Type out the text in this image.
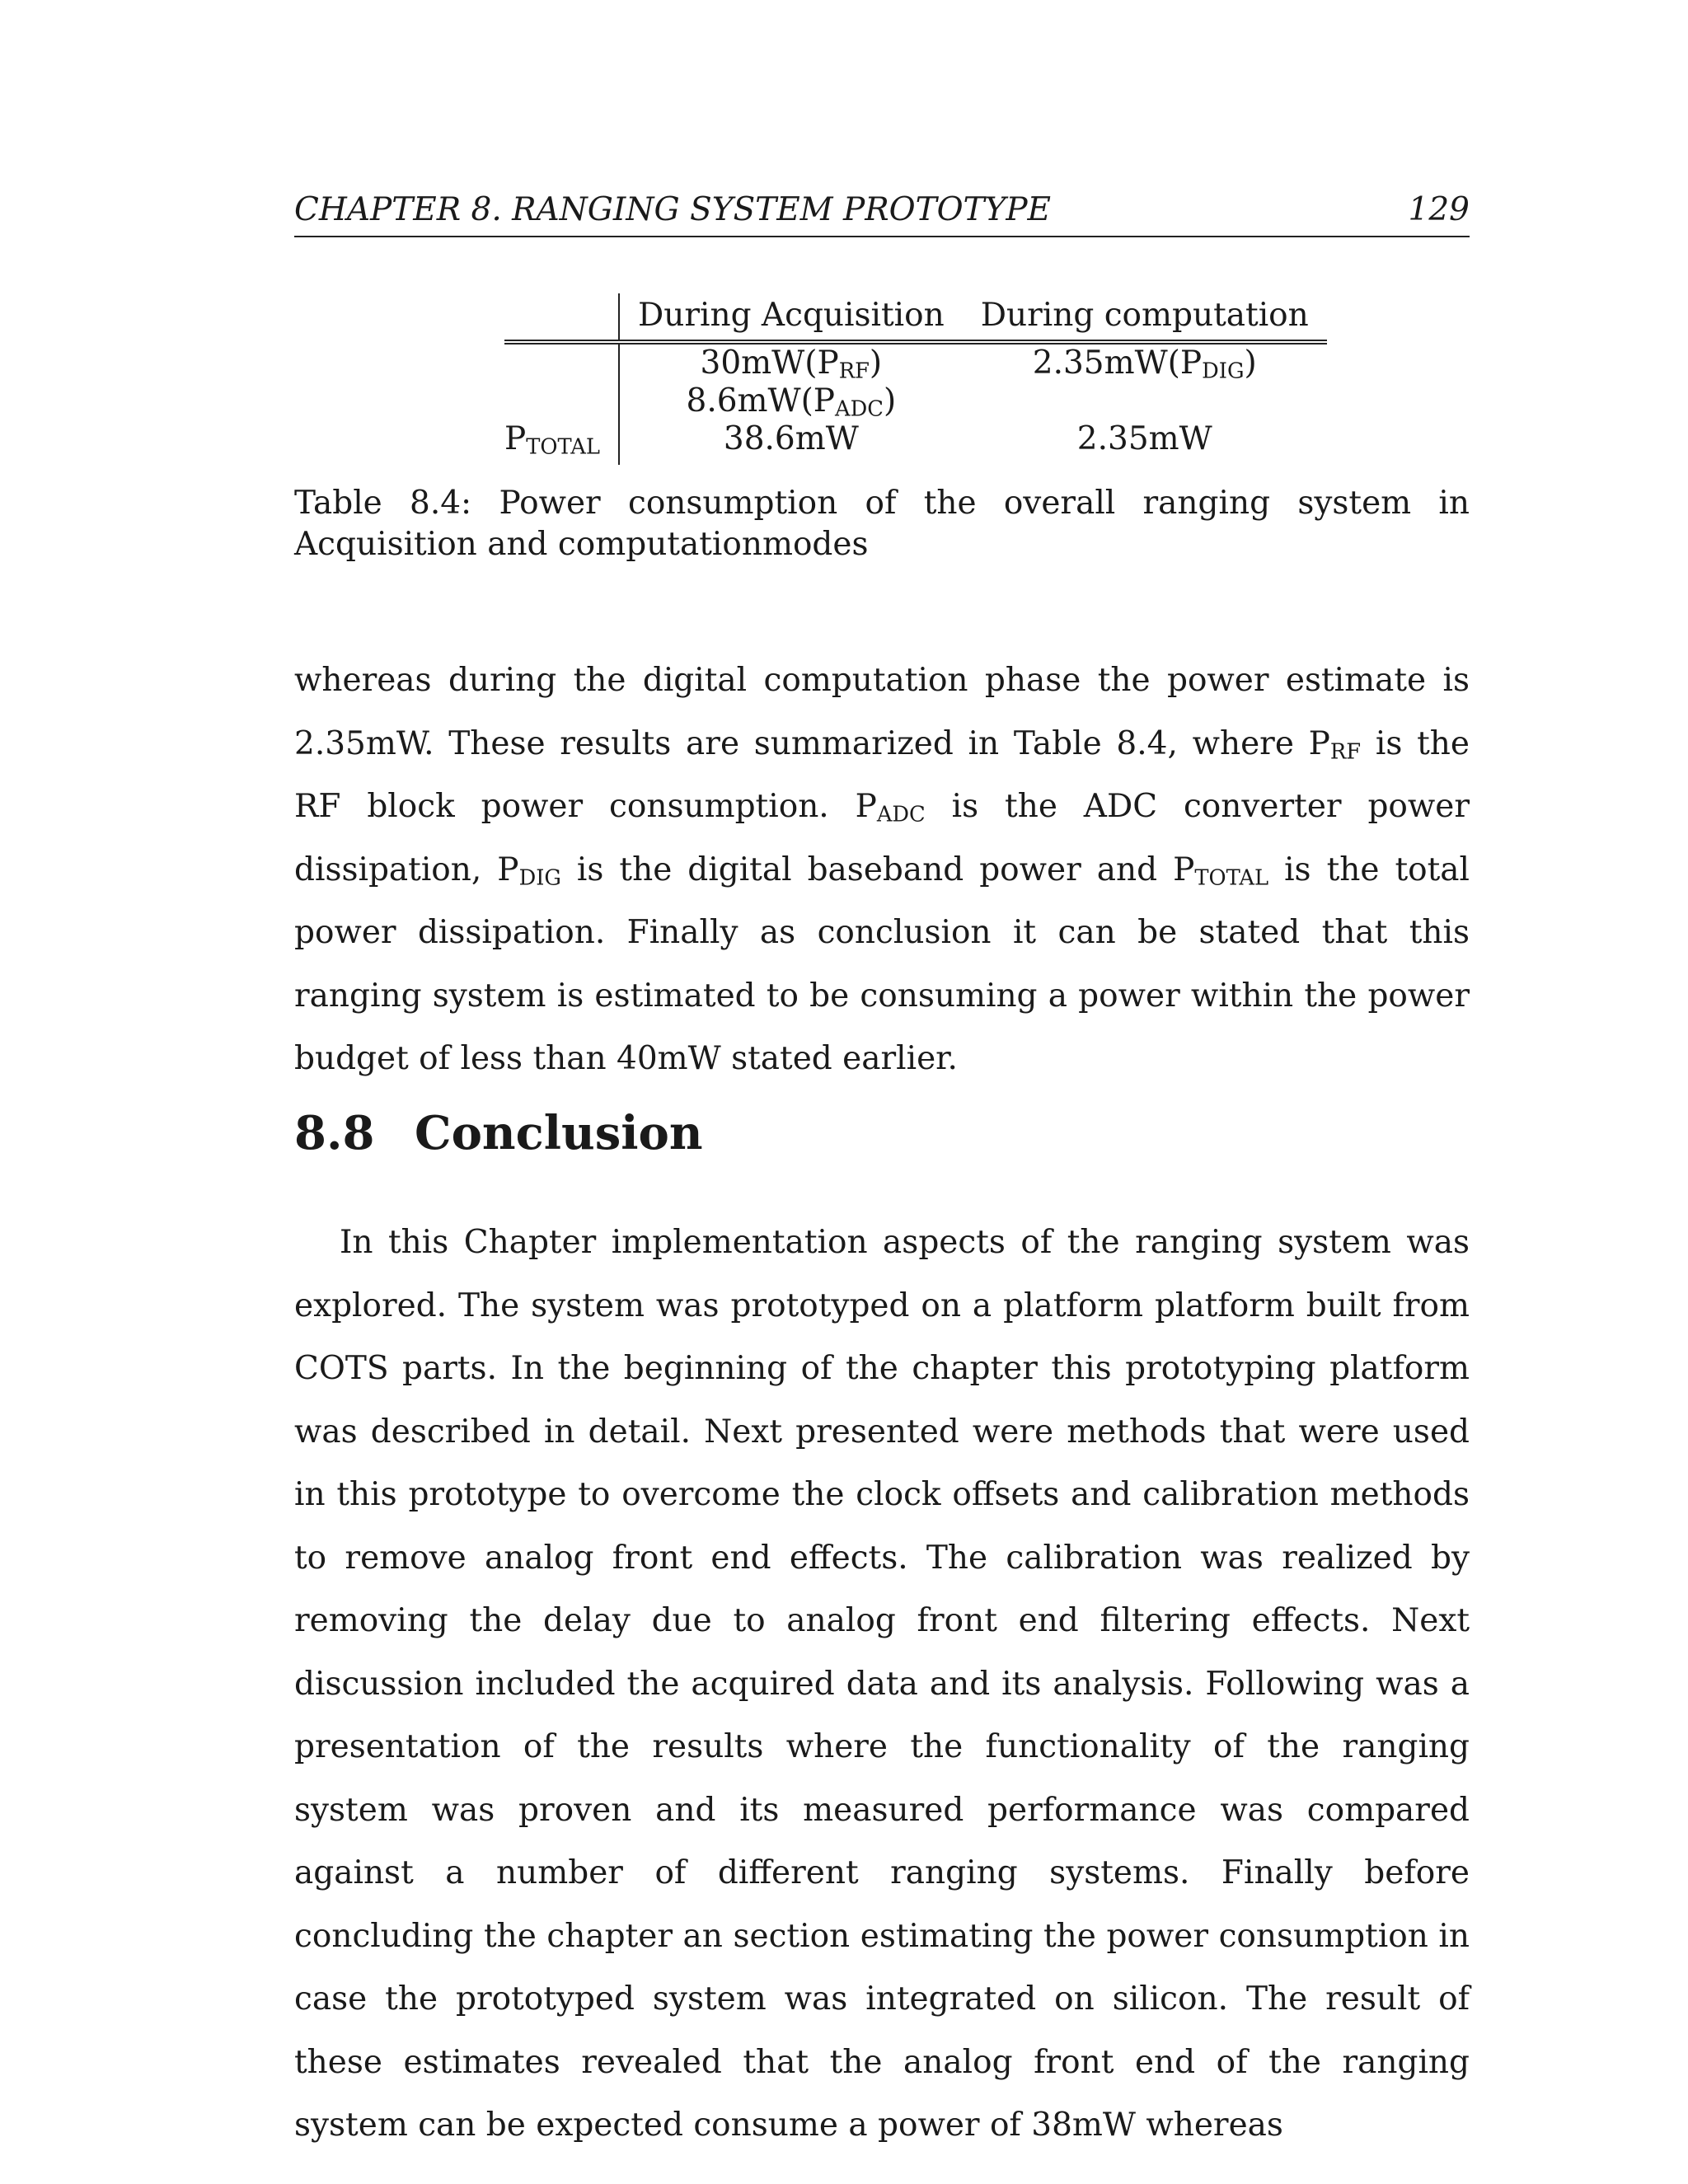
CHAPTER 8. RANGING SYSTEM PROTOTYPE	129
	During Acquisition	During computation
	$30mW(P_{RF})$	$2.35mW(P_{DIG})$
	$8.6mW(P_{ADC})$	
$P_{TOTAL}$	38.6mW	2.35mW

Table 8.4: Power consumption of the overall ranging system in Acquisition and computationmodes

whereas during the digital computation phase the power estimate is 2.35mW. These results are summarized in Table 8.4, where $P_{RF}$ is the RF block power consumption. $P_{ADC}$ is the ADC converter power dissipation, $P_{DIG}$ is the digital baseband power and $P_{TOTAL}$ is the total power dissipation. Finally as conclusion it can be stated that this ranging system is estimated to be consuming a power within the power budget of less than 40mW stated earlier.

8.8 Conclusion

In this Chapter implementation aspects of the ranging system was explored. The system was prototyped on a platform platform built from COTS parts. In the beginning of the chapter this prototyping platform was described in detail. Next presented were methods that were used in this prototype to overcome the clock offsets and calibration methods to remove analog front end effects. The calibration was realized by removing the delay due to analog front end filtering effects. Next discussion included the acquired data and its analysis. Following was a presentation of the results where the functionality of the ranging system was proven and its measured performance was compared against a number of different ranging systems. Finally before concluding the chapter an section estimating the power consumption in case the prototyped system was integrated on silicon. The result of these estimates revealed that the analog front end of the ranging system can be expected consume a power of 38mW whereas
